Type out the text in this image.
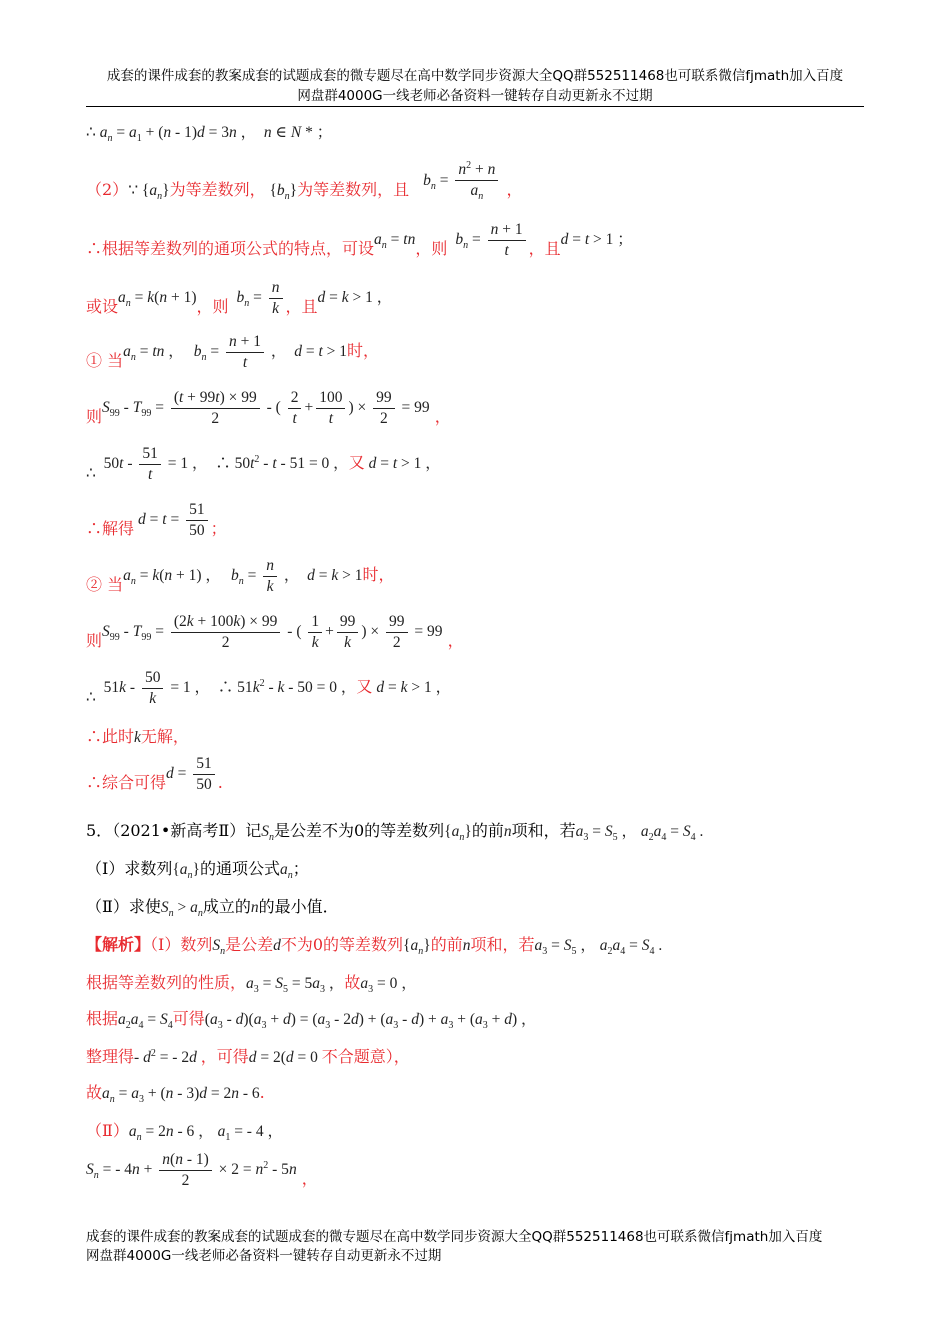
成套的课件成套的教案成套的试题成套的微专题尽在高中数学同步资源大全QQ群552511468也可联系微信fjmath加入百度
网盘群4000G一线老师必备资料一键转存自动更新永不过期
∴ $a_n = a_1 + (n - 1)d = 3n$ ，  n ∈ N * ；
（2）∵ $\{a_n\}$为等差数列， $\{b_n\}$为等差数列，且 $b_n = \frac{n^2 + n}{a_n}$ ，
∴根据等差数列的通项公式的特点，可设$a_n$ = tn，则 $b_n = \frac{n + 1}{t}$ ，且d = t > 1 ；
或设$a_n = k(n + 1)$，则 $b_n = \frac{n}{k}$ ，且d = k > 1 ，
① 当$a_n$ = tn ， $b_n = \frac{n + 1}{t}$ ，  d = t > 1时，
则$S_{99} - T_{99} = \frac{(t + 99t) \times 99}{2}$ - ( $\frac{2}{t} + \frac{100}{t}$ ) × $\frac{99}{2} = 99$ ，
∴  $50t - \frac{51}{t} = 1$ ，  ∴ $50t^2 - t - 51 = 0$ ，又 d = t > 1 ，
∴解得 $d = t = \frac{51}{50}$ ；
② 当$a_n = k(n + 1)$ ， $b_n = \frac{n}{k}$ ，  d = k > 1时，
则$S_{99} - T_{99} = \frac{(2k + 100k) \times 99}{2}$ - ( $\frac{1}{k} + \frac{99}{k}$ ) × $\frac{99}{2} = 99$ ，
∴  $51k - \frac{50}{k} = 1$ ，  ∴ $51k^2 - k - 50 = 0$ ，又 d = k > 1 ，
∴此时k无解，
∴综合可得$d = \frac{51}{50}$ .
5．（2021•新高考Ⅱ）记$S_n$是公差不为0的等差数列$\{a_n\}$的前n项和，若$a_3 = S_5$ ， $a_2a_4 = S_4$ .
（Ⅰ）求数列$\{a_n\}$的通项公式$a_n$；
（Ⅱ）求使$S_n > a_n$成立的n的最小值．
【解析】（Ⅰ）数列$S_n$是公差d不为0的等差数列$\{a_n\}$的前n项和，若$a_3 = S_5$ ， $a_2a_4 = S_4$ .
根据等差数列的性质，$a_3 = S_5 = 5a_3$ ，故$a_3 = 0$ ，
根据$a_2a_4 = S_4$可得$(a_3 - d)(a_3 + d) = (a_3 - 2d) + (a_3 - d) + a_3 + (a_3 + d)$ ，
整理得- $d^2$ = - 2d ，可得d = 2(d = 0 不合题意），
故$a_n = a_3 + (n - 3)d = 2n - 6$.
$(Ⅱ)a_n = 2n - 6$ ， $a_1$ = - 4 ，
$S_n$ = - $4n + \frac{n(n - 1)}{2} \times 2 = n^2 - 5n$ ，
成套的课件成套的教案成套的试题成套的微专题尽在高中数学同步资源大全QQ群552511468也可联系微信fjmath加入百度
网盘群4000G一线老师必备资料一键转存自动更新永不过期
